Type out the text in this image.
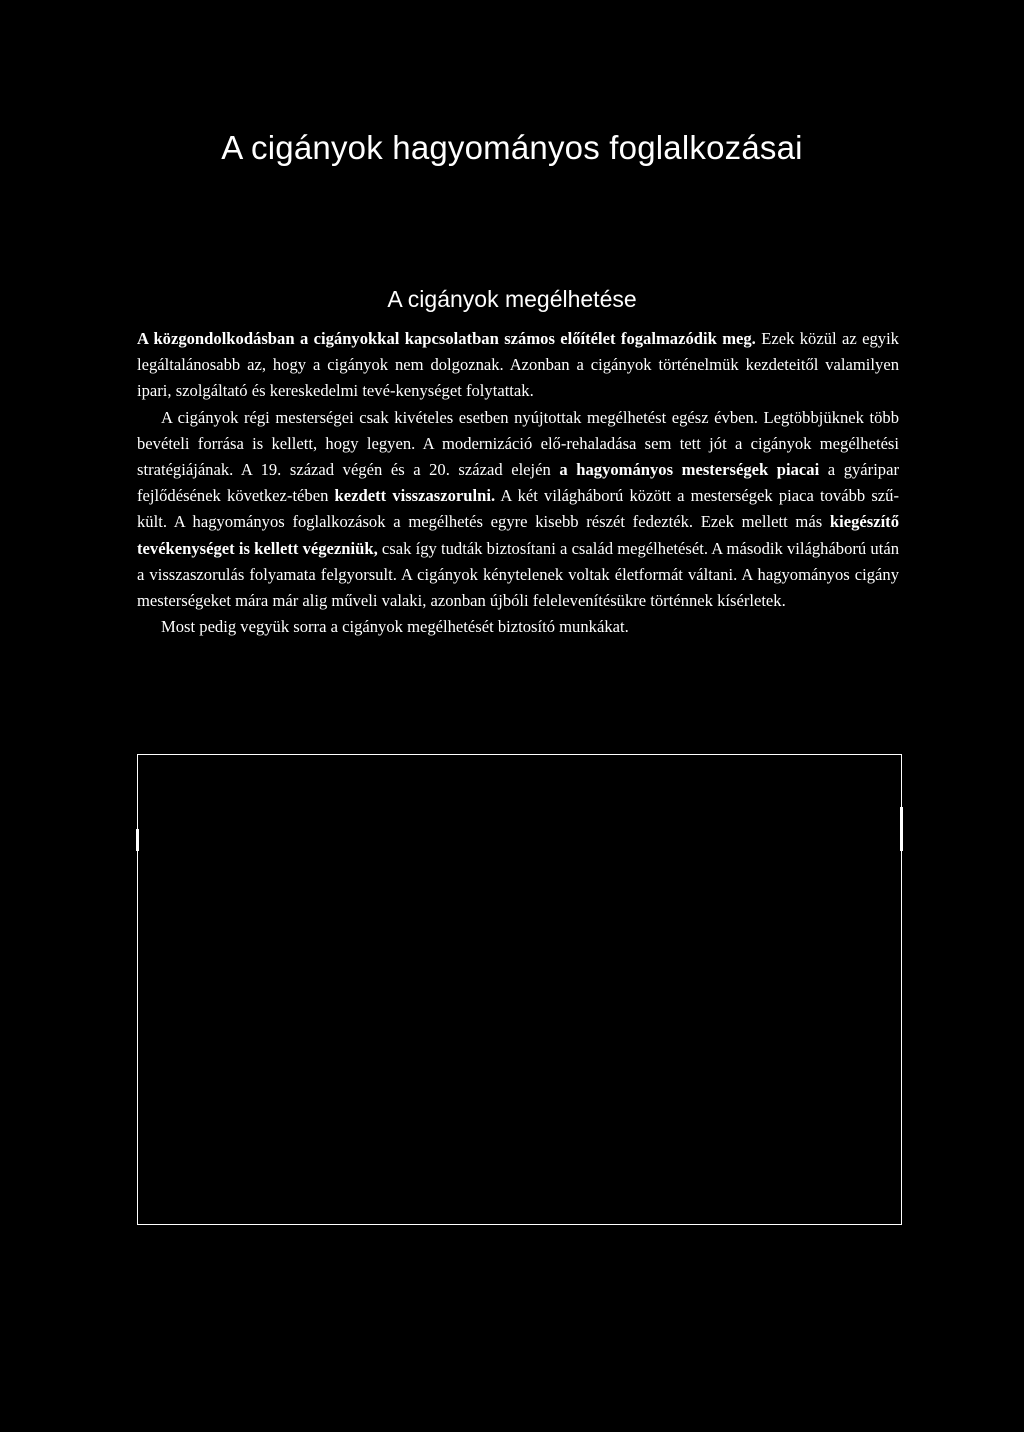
A cigányok hagyományos foglalkozásai
A cigányok megélhetése

A közgondolkodásban a cigányokkal kapcsolatban számos előítélet fogalmazódik meg. Ezek közül az egyik legáltalánosabb az, hogy a cigányok nem dolgoznak. Azonban a cigányok történelmük kezdeteitől valamilyen ipari, szolgáltató és kereskedelmi tevé-kenységet folytattak.

A cigányok régi mesterségei csak kivételes esetben nyújtottak megélhetést egész évben. Legtöbbjüknek több bevételi forrása is kellett, hogy legyen. A modernizáció elő-rehaladása sem tett jót a cigányok megélhetési stratégiájának. A 19. század végén és a 20. század elején a hagyományos mesterségek piacai a gyáripar fejlődésének következ-tében kezdett visszaszorulni. A két világháború között a mesterségek piaca tovább szű-kült. A hagyományos foglalkozások a megélhetés egyre kisebb részét fedezték. Ezek mellett más kiegészítő tevékenységet is kellett végezniük, csak így tudták biztosítani a család megélhetését. A második világháború után a visszaszorulás folyamata felgyorsult. A cigányok kénytelenek voltak életformát váltani. A hagyományos cigány mesterségeket mára már alig műveli valaki, azonban újbóli felelevenítésükre történnek kísérletek.

Most pedig vegyük sorra a cigányok megélhetését biztosító munkákat.
